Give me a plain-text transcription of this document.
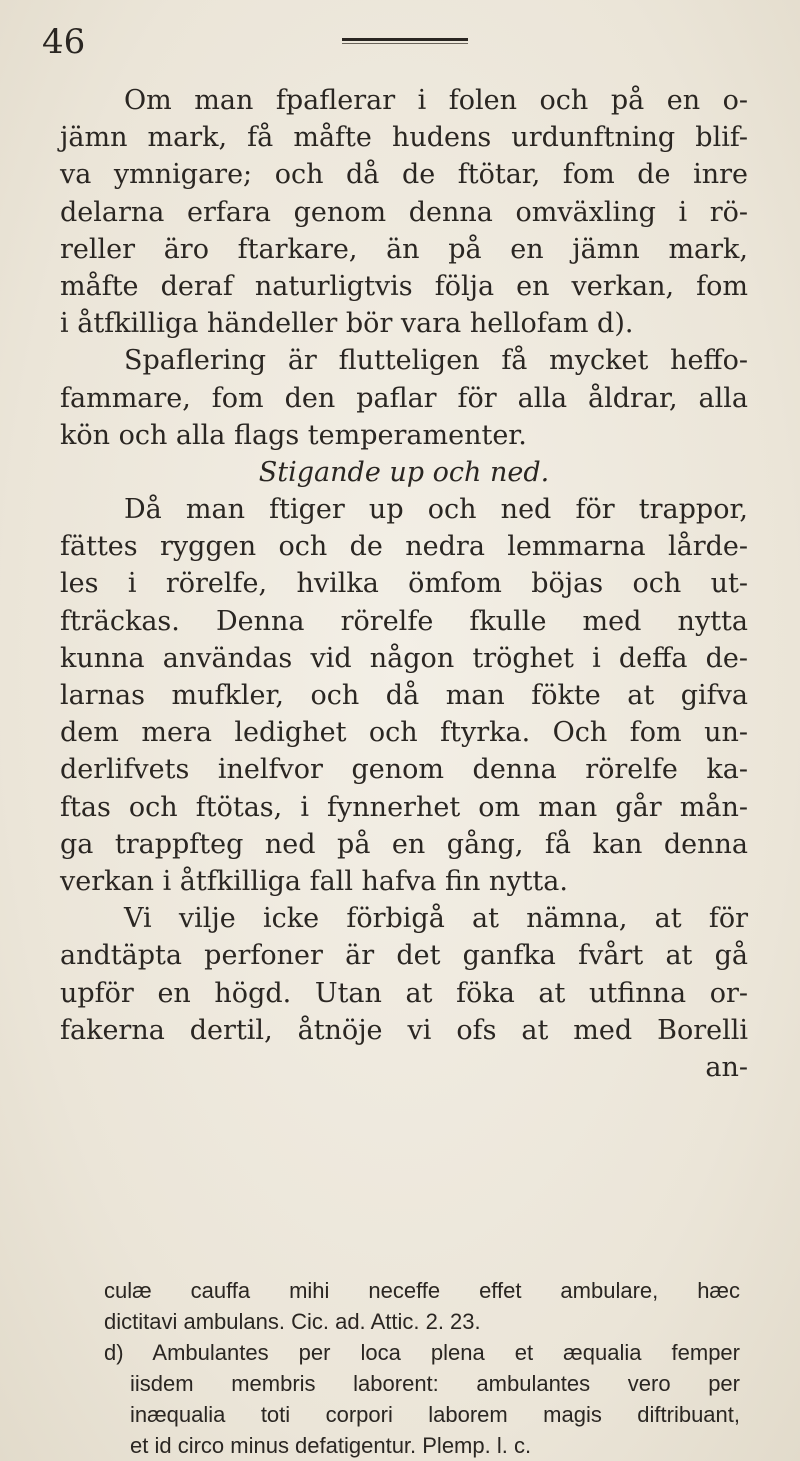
46
Om man fpaflerar i folen och på en o-
jämn mark, få måfte hudens urdunftning blif-
va ymnigare; och då de ftötar, fom de inre
delarna erfara genom denna omväxling i rö-
reller äro ftarkare, än på en jämn mark,
måfte deraf naturligtvis följa en verkan, fom
i åtfkilliga händeller bör vara hellofam d).
Spaflering är flutteligen få mycket heffo-
fammare, fom den paflar för alla åldrar, alla
kön och alla flags temperamenter.
Stigande up och ned.
Då man ftiger up och ned för trappor,
fättes ryggen och de nedra lemmarna lårde-
les i rörelfe, hvilka ömfom böjas och ut-
fträckas. Denna rörelfe fkulle med nytta
kunna användas vid någon tröghet i deffa de-
larnas mufkler, och då man fökte at gifva
dem mera ledighet och ftyrka. Och fom un-
derlifvets inelfvor genom denna rörelfe ka-
ftas och ftötas, i fynnerhet om man går mån-
ga trappfteg ned på en gång, få kan denna
verkan i åtfkilliga fall hafva fin nytta.
Vi vilje icke förbigå at nämna, at för
andtäpta perfoner är det ganfka fvårt at gå
upför en högd. Utan at föka at utfinna or-
fakerna dertil, åtnöje vi ofs at med Borelli
an-
culæ cauffa mihi neceffe effet ambulare, hæc
dictitavi ambulans. Cic. ad. Attic. 2. 23.
d) Ambulantes per loca plena et æqualia femper
iisdem membris laborent: ambulantes vero per
inæqualia toti corpori laborem magis diftribuant,
et id circo minus defatigentur. Plemp. l. c.
